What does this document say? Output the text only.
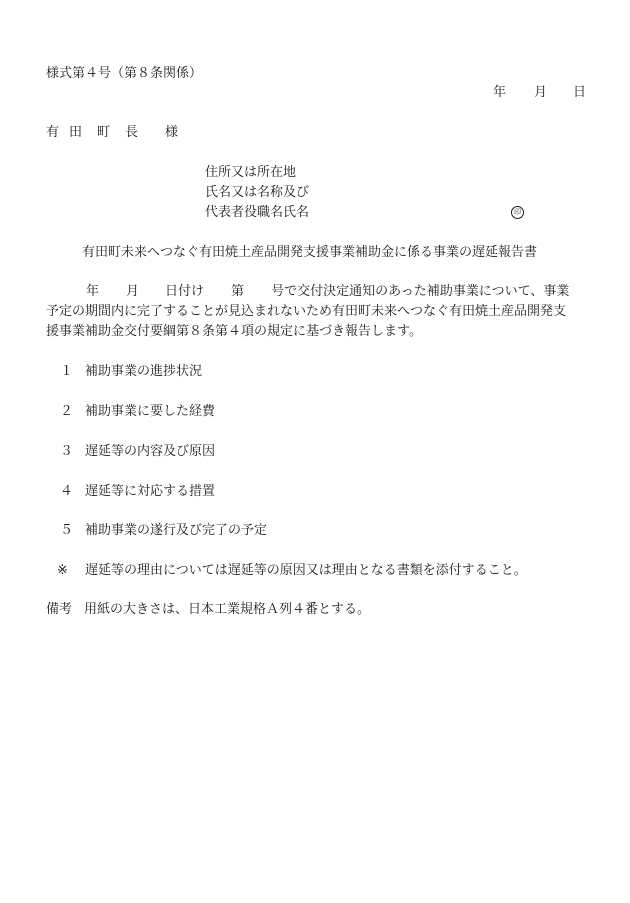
様式第４号（第８条関係）
年 月 日
有 田	町	長	様
住所又は所在地
氏名又は名称及び
代表者役職名氏名	印
有田町未来へつなぐ有田焼土産品開発支援事業補助金に係る事業の遅延報告書
年 月 日付け 第 号で交付決定通知のあった補助事業について、事業
予定の期間内に完了することが見込まれないため有田町未来へつなぐ有田焼土産品開発支
援事業補助金交付要綱第８条第４項の規定に基づき報告します。
１ 補助事業の進捗状況
２ 補助事業に要した経費
３ 遅延等の内容及び原因
４ 遅延等に対応する措置
５ 補助事業の遂行及び完了の予定
※	遅延等の理由については遅延等の原因又は理由となる書類を添付すること。
備考 用紙の大きさは、日本工業規格Ａ列４番とする。
